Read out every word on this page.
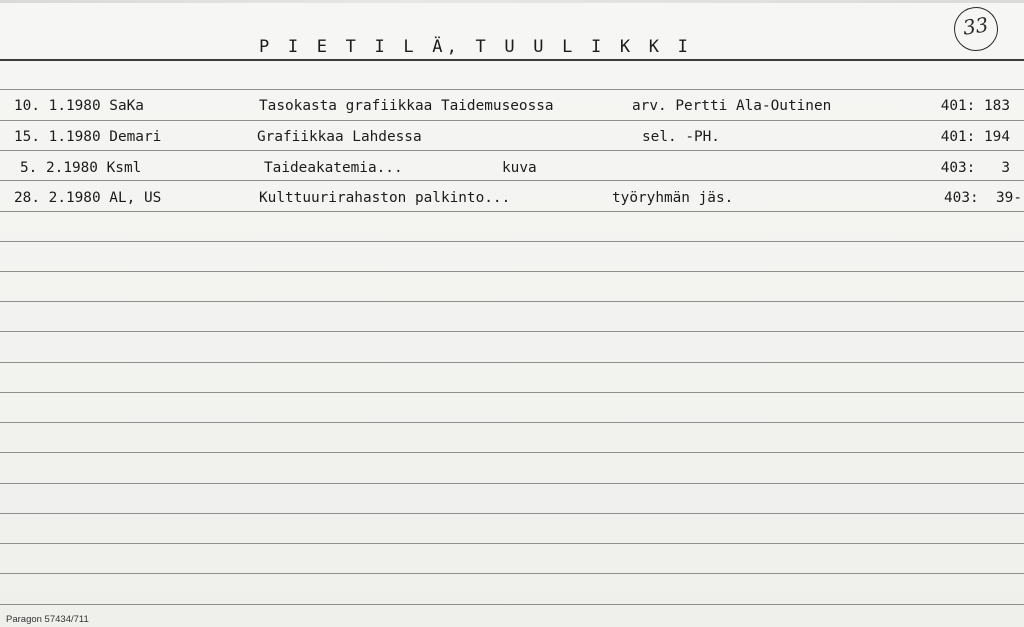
P I E T I L Ä, T U U L I K K I
33
10. 1.1980 SaKa	Tasokasta grafiikkaa Taidemuseossa	arv. Pertti Ala-Outinen	401: 183
15. 1.1980 Demari	Grafiikkaa Lahdessa	sel. -PH.	401: 194
5. 2.1980 Ksml	Taideakatemia...	kuva	403:   3
28. 2.1980 AL, US	Kulttuurirahaston palkinto...	työryhmän jäs.	403:  39-
Paragon 57434/711
